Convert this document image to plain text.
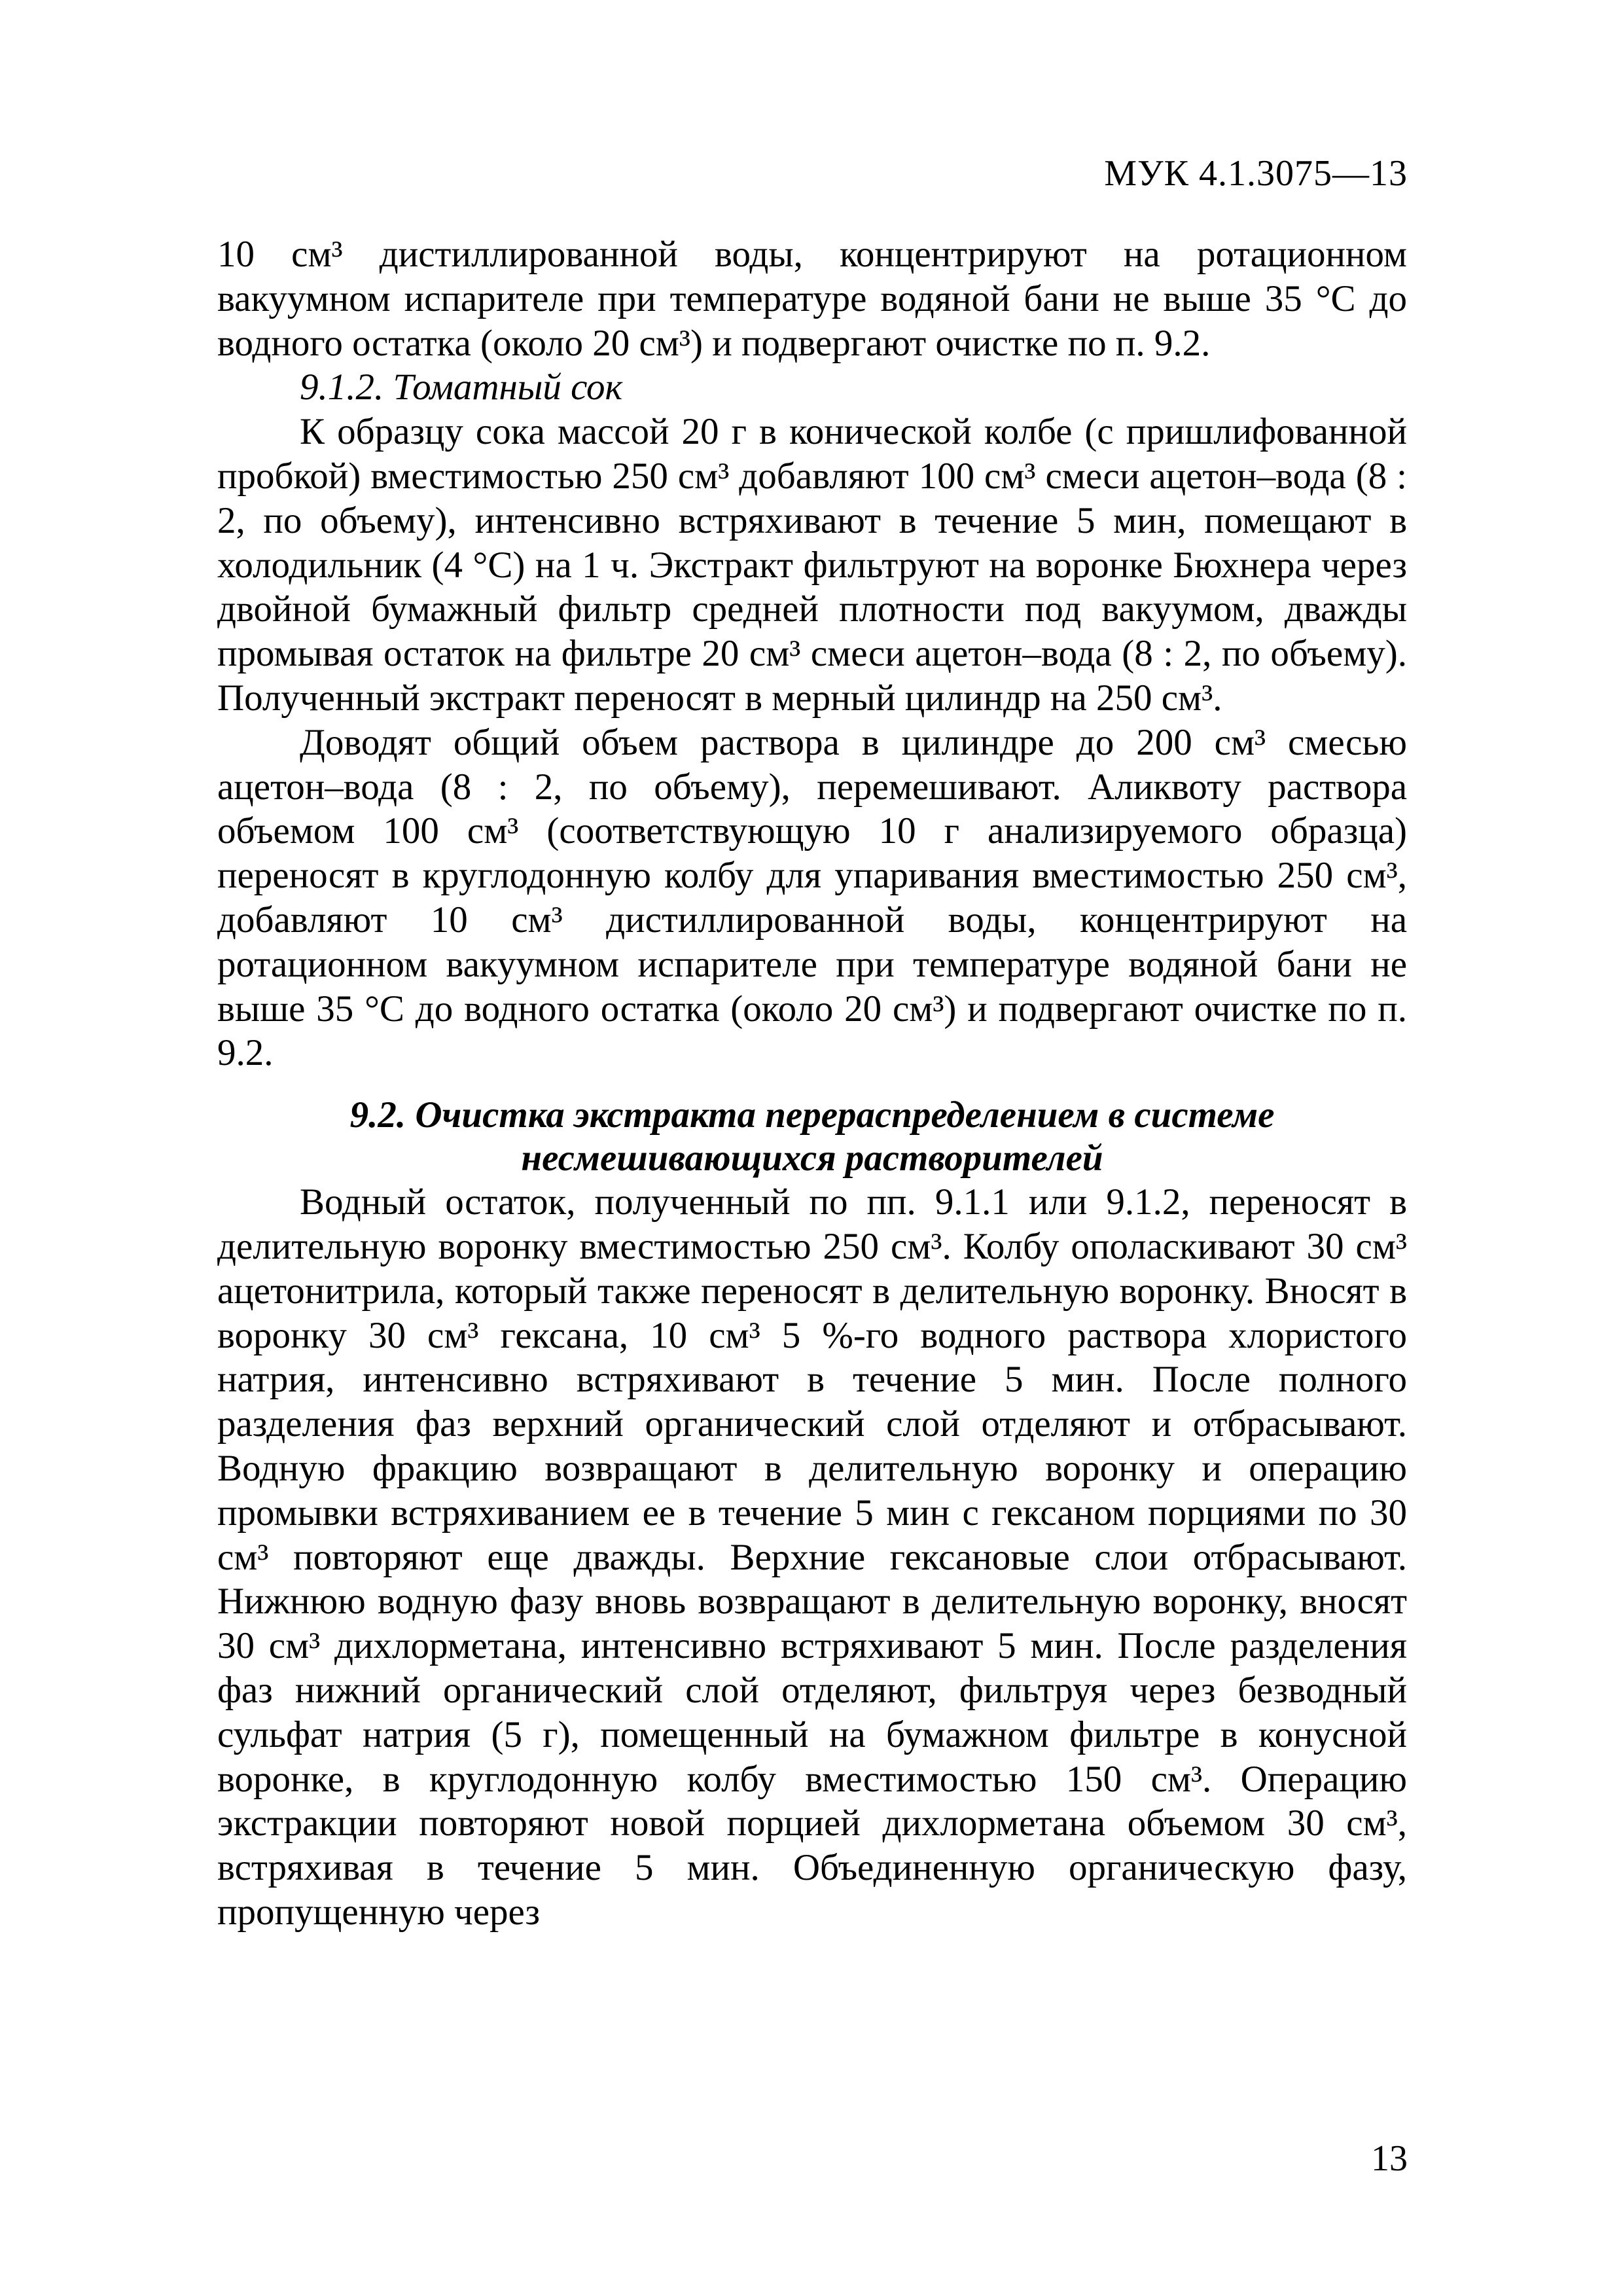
МУК 4.1.3075—13

10 см³ дистиллированной воды, концентрируют на ротационном вакуумном испарителе при температуре водяной бани не выше 35 °С до водного остатка (около 20 см³) и подвергают очистке по п. 9.2.

9.1.2. Томатный сок

К образцу сока массой 20 г в конической колбе (с пришлифованной пробкой) вместимостью 250 см³ добавляют 100 см³ смеси ацетон–вода (8 : 2, по объему), интенсивно встряхивают в течение 5 мин, помещают в холодильник (4 °С) на 1 ч. Экстракт фильтруют на воронке Бюхнера через двойной бумажный фильтр средней плотности под вакуумом, дважды промывая остаток на фильтре 20 см³ смеси ацетон–вода (8 : 2, по объему). Полученный экстракт переносят в мерный цилиндр на 250 см³.

Доводят общий объем раствора в цилиндре до 200 см³ смесью ацетон–вода (8 : 2, по объему), перемешивают. Аликвоту раствора объемом 100 см³ (соответствующую 10 г анализируемого образца) переносят в круглодонную колбу для упаривания вместимостью 250 см³, добавляют 10 см³ дистиллированной воды, концентрируют на ротационном вакуумном испарителе при температуре водяной бани не выше 35 °С до водного остатка (около 20 см³) и подвергают очистке по п. 9.2.

9.2. Очистка экстракта перераспределением в системе
несмешивающихся растворителей

Водный остаток, полученный по пп. 9.1.1 или 9.1.2, переносят в делительную воронку вместимостью 250 см³. Колбу ополаскивают 30 см³ ацетонитрила, который также переносят в делительную воронку. Вносят в воронку 30 см³ гексана, 10 см³ 5 %-го водного раствора хлористого натрия, интенсивно встряхивают в течение 5 мин. После полного разделения фаз верхний органический слой отделяют и отбрасывают. Водную фракцию возвращают в делительную воронку и операцию промывки встряхиванием ее в течение 5 мин с гексаном порциями по 30 см³ повторяют еще дважды. Верхние гексановые слои отбрасывают. Нижнюю водную фазу вновь возвращают в делительную воронку, вносят 30 см³ дихлорметана, интенсивно встряхивают 5 мин. После разделения фаз нижний органический слой отделяют, фильтруя через безводный сульфат натрия (5 г), помещенный на бумажном фильтре в конусной воронке, в круглодонную колбу вместимостью 150 см³. Операцию экстракции повторяют новой порцией дихлорметана объемом 30 см³, встряхивая в течение 5 мин. Объединенную органическую фазу, пропущенную через

13
